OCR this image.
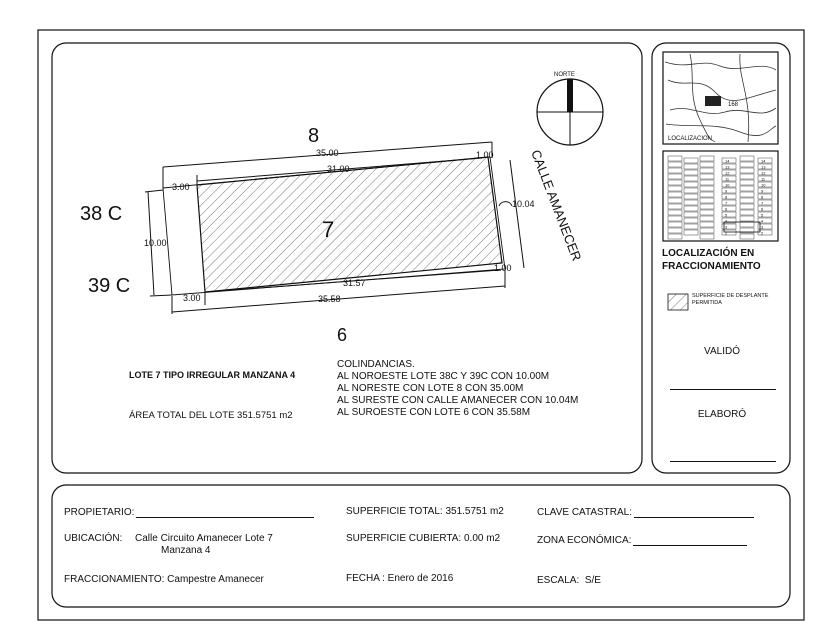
35.00
31.00
3.00
1.00
10.00
10.04
31.57
35.58
3.00
1.00
7
8
6
38 C
39 C
CALLE AMANECER
NORTE
168
LOCALIZACION
14
13
12
11
10
9
8
7
6
5
4
3
2
14
13
12
11
10
9
8
7
6
5
4
3
2
LOCALIZACIÓN EN FRACCIONAMIENTO
SUPERFICIE DE DESPLANTE PERMITIDA
VALIDÓ
ELABORÓ
LOTE 7 TIPO IRREGULAR MANZANA 4
ÁREA TOTAL DEL LOTE 351.5751 m2
COLINDANCIAS.
AL NOROESTE LOTE 38C Y 39C CON 10.00M
AL NORESTE CON LOTE 8 CON 35.00M
AL SURESTE CON CALLE AMANECER CON 10.04M
AL SUROESTE CON LOTE 6 CON 35.58M
PROPIETARIO:
UBICACIÓN: Calle Circuito Amanecer Lote 7
Manzana 4
FRACCIONAMIENTO: Campestre Amanecer
SUPERFICIE TOTAL: 351.5751 m2
SUPERFICIE CUBIERTA: 0.00 m2
FECHA : Enero de 2016
CLAVE CATASTRAL:
ZONA ECONÓMICA:
ESCALA: S/E
